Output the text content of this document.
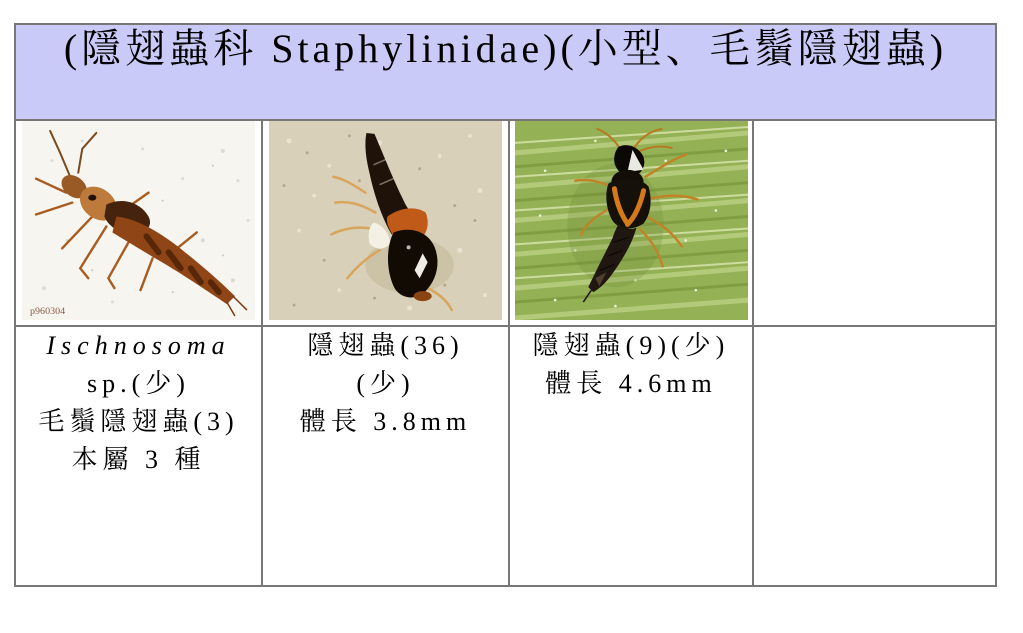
(隱翅蟲科 Staphylinidae)(小型、毛鬚隱翅蟲)			

p960304

Ischnosoma
sp.(少)
毛鬚隱翅蟲(3)
本屬 3 種

隱翅蟲(36)
(少)
體長 3.8mm

隱翅蟲(9)(少)
體長 4.6mm
